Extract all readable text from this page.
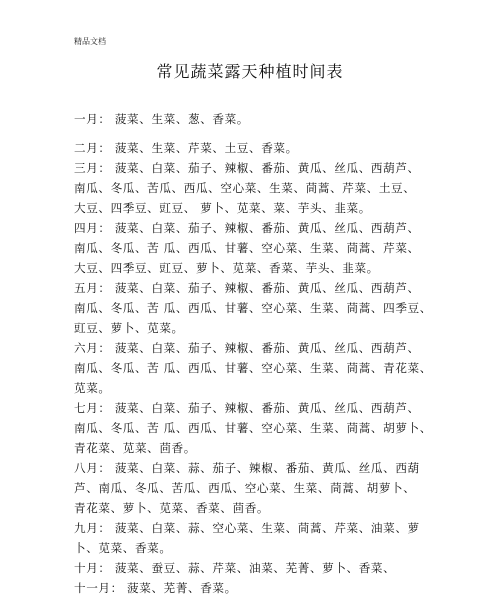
精品文档
常见蔬菜露天种植时间表
一月： 菠菜、生菜、葱、香菜。
二月： 菠菜、生菜、芹菜、土豆、香菜。
三月： 菠菜、白菜、茄子、辣椒、番茄、黄瓜、丝瓜、西葫芦、
南瓜、冬瓜、苦瓜、西瓜、空心菜、生菜、茼蒿、芹菜、土豆、
大豆、四季豆、豇豆、 萝卜、苋菜、菜、芋头、韭菜。
四月： 菠菜、白菜、茄子、辣椒、番茄、黄瓜、丝瓜、西葫芦、
南瓜、冬瓜、苦 瓜、西瓜、甘薯、空心菜、生菜、茼蒿、芹菜、
大豆、四季豆、豇豆、萝卜、苋菜、香菜、芋头、韭菜。
五月： 菠菜、白菜、茄子、辣椒、番茄、黄瓜、丝瓜、西葫芦、
南瓜、冬瓜、苦 瓜、西瓜、甘薯、空心菜、生菜、茼蒿、四季豆、
豇豆、萝卜、苋菜。
六月： 菠菜、白菜、茄子、辣椒、番茄、黄瓜、丝瓜、西葫芦、
南瓜、冬瓜、苦 瓜、西瓜、甘薯、空心菜、生菜、茼蒿、青花菜、
苋菜。
七月： 菠菜、白菜、茄子、辣椒、番茄、黄瓜、丝瓜、西葫芦、
南瓜、冬瓜、苦 瓜、西瓜、甘薯、空心菜、生菜、茼蒿、胡萝卜、
青花菜、苋菜、茴香。
八月： 菠菜、白菜、蒜、茄子、辣椒、番茄、黄瓜、丝瓜、西葫
芦、南瓜、冬瓜、苦瓜、西瓜、空心菜、生菜、茼蒿、胡萝卜、
青花菜、萝卜、苋菜、香菜、茴香。
九月： 菠菜、白菜、蒜、空心菜、生菜、茼蒿、芹菜、油菜、萝
卜、苋菜、香菜。
十月： 菠菜、蚕豆、蒜、芹菜、油菜、芜菁、萝卜、香菜、
十一月： 菠菜、芜菁、香菜。
